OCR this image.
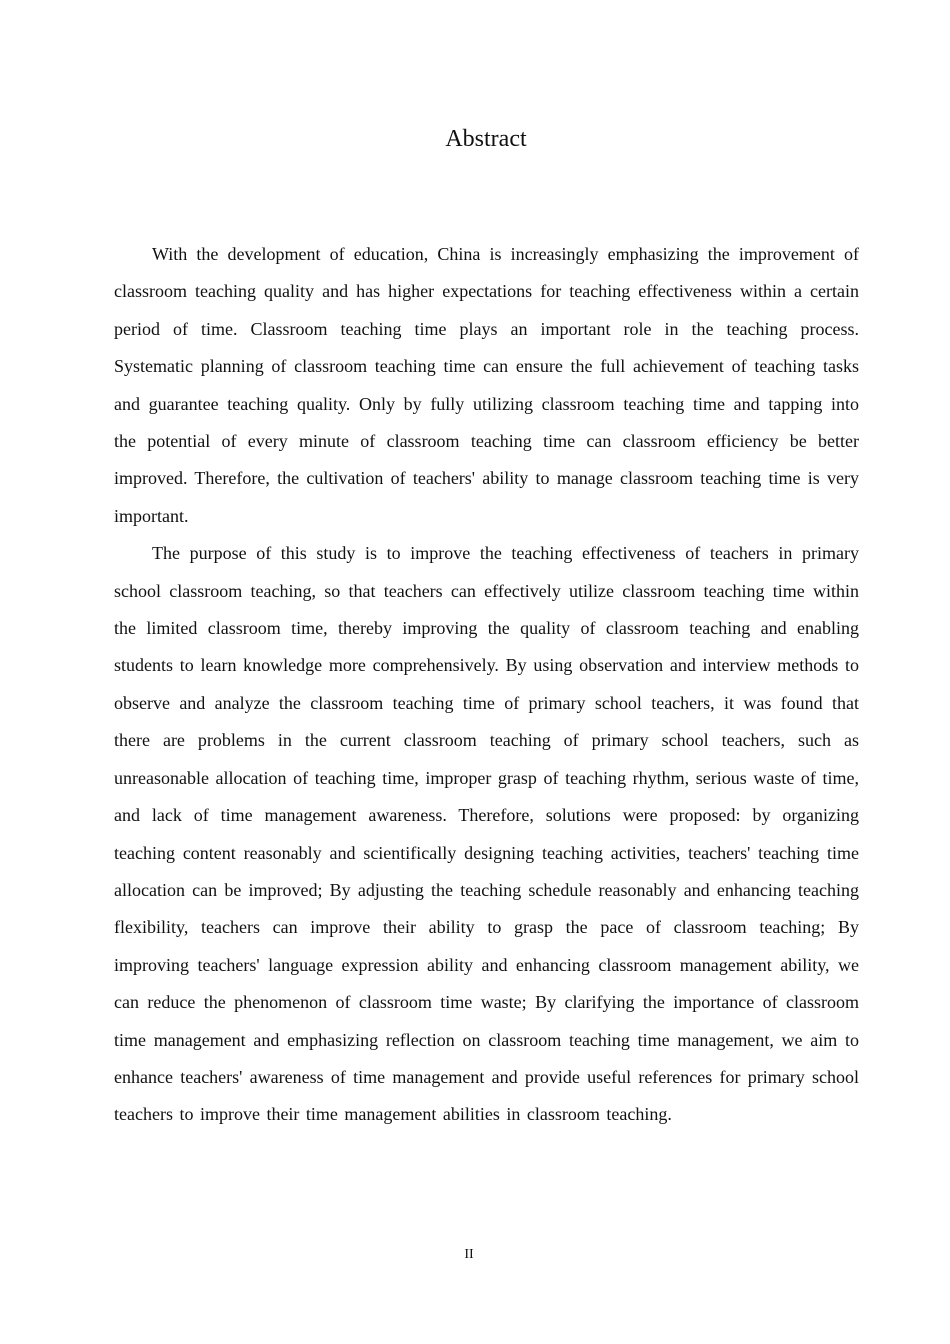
Abstract

With the development of education, China is increasingly emphasizing the improvement of classroom teaching quality and has higher expectations for teaching effectiveness within a certain period of time. Classroom teaching time plays an important role in the teaching process. Systematic planning of classroom teaching time can ensure the full achievement of teaching tasks and guarantee teaching quality. Only by fully utilizing classroom teaching time and tapping into the potential of every minute of classroom teaching time can classroom efficiency be better improved. Therefore, the cultivation of teachers' ability to manage classroom teaching time is very important.

The purpose of this study is to improve the teaching effectiveness of teachers in primary school classroom teaching, so that teachers can effectively utilize classroom teaching time within the limited classroom time, thereby improving the quality of classroom teaching and enabling students to learn knowledge more comprehensively. By using observation and interview methods to observe and analyze the classroom teaching time of primary school teachers, it was found that there are problems in the current classroom teaching of primary school teachers, such as unreasonable allocation of teaching time, improper grasp of teaching rhythm, serious waste of time, and lack of time management awareness. Therefore, solutions were proposed: by organizing teaching content reasonably and scientifically designing teaching activities, teachers' teaching time allocation can be improved; By adjusting the teaching schedule reasonably and enhancing teaching flexibility, teachers can improve their ability to grasp the pace of classroom teaching; By improving teachers' language expression ability and enhancing classroom management ability, we can reduce the phenomenon of classroom time waste; By clarifying the importance of classroom time management and emphasizing reflection on classroom teaching time management, we aim to enhance teachers' awareness of time management and provide useful references for primary school teachers to improve their time management abilities in classroom teaching.

II
